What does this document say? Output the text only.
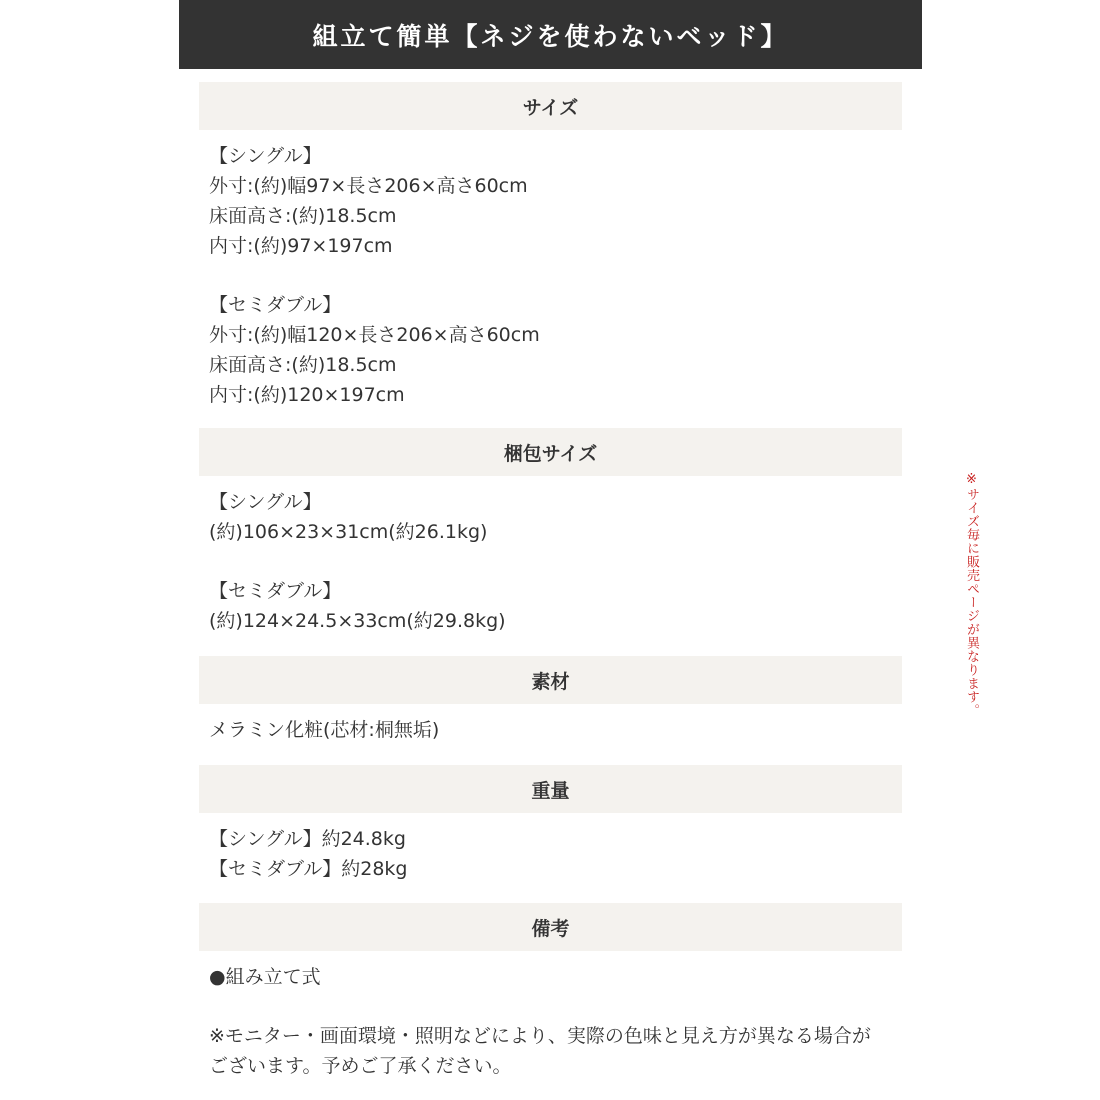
組立て簡単【ネジを使わないベッド】
サイズ
【シングル】
外寸:(約)幅97×長さ206×高さ60cm
床面高さ:(約)18.5cm
内寸:(約)97×197cm
【セミダブル】
外寸:(約)幅120×長さ206×高さ60cm
床面高さ:(約)18.5cm
内寸:(約)120×197cm
梱包サイズ
【シングル】
(約)106×23×31cm(約26.1kg)
【セミダブル】
(約)124×24.5×33cm(約29.8kg)
素材
メラミン化粧(芯材:桐無垢)
重量
【シングル】約24.8kg
【セミダブル】約28kg
備考
●組み立て式
※モニター・画面環境・照明などにより、実際の色味と見え方が異なる場合が
ございます。予めご了承ください。
※サイズ毎に販売ページが異なります。
